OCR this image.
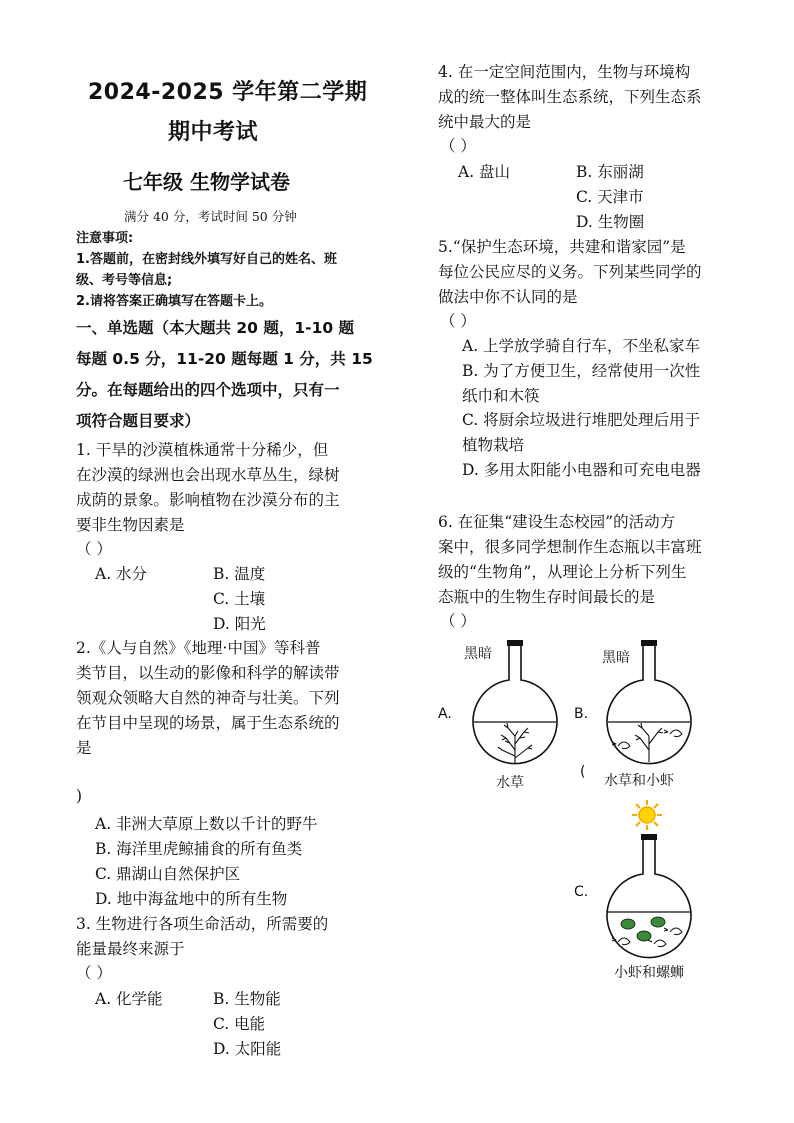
2024-2025 学年第二学期
期中考试
七年级 生物学试卷
满分 40 分，考试时间 50 分钟
注意事项:
1.答题前，在密封线外填写好自己的姓名、班
级、考号等信息;
2.请将答案正确填写在答题卡上。
一、单选题（本大题共 20 题，1-10 题
每题 0.5 分，11-20 题每题 1 分，共 15
分。在每题给出的四个选项中，只有一
项符合题目要求）
1. 干旱的沙漠植株通常十分稀少，但
在沙漠的绿洲也会出现水草丛生，绿树
成荫的景象。影响植物在沙漠分布的主
要非生物因素是
（ ）
A. 水分	B. 温度
C. 土壤
D. 阳光
2.《人与自然》《地理·中国》等科普
类节目，以生动的影像和科学的解读带
领观众领略大自然的神奇与壮美。下列
在节目中呈现的场景，属于生态系统的
是
)
A. 非洲大草原上数以千计的野牛
B. 海洋里虎鲸捕食的所有鱼类
C. 鼎湖山自然保护区
D. 地中海盆地中的所有生物
3. 生物进行各项生命活动，所需要的
能量最终来源于
（ ）
A. 化学能	B. 生物能
C. 电能
D. 太阳能
4. 在一定空间范围内，生物与环境构
成的统一整体叫生态系统，下列生态系
统中最大的是
（ ）
A. 盘山	B. 东丽湖
C. 天津市
D. 生物圈
5.“保护生态环境，共建和谐家园”是
每位公民应尽的义务。下列某些同学的
做法中你不认同的是
（ ）
A. 上学放学骑自行车，不坐私家车
B. 为了方便卫生，经常使用一次性
纸巾和木筷
C. 将厨余垃圾进行堆肥处理后用于
植物栽培
D. 多用太阳能小电器和可充电电器
6. 在征集“建设生态校园”的活动方
案中，很多同学想制作生态瓶以丰富班
级的“生物角”，从理论上分析下列生
态瓶中的生物生存时间最长的是
（ ）
A.
黑暗
水草
B.
黑暗
(
水草和小虾
C.
小虾和螺蛳
